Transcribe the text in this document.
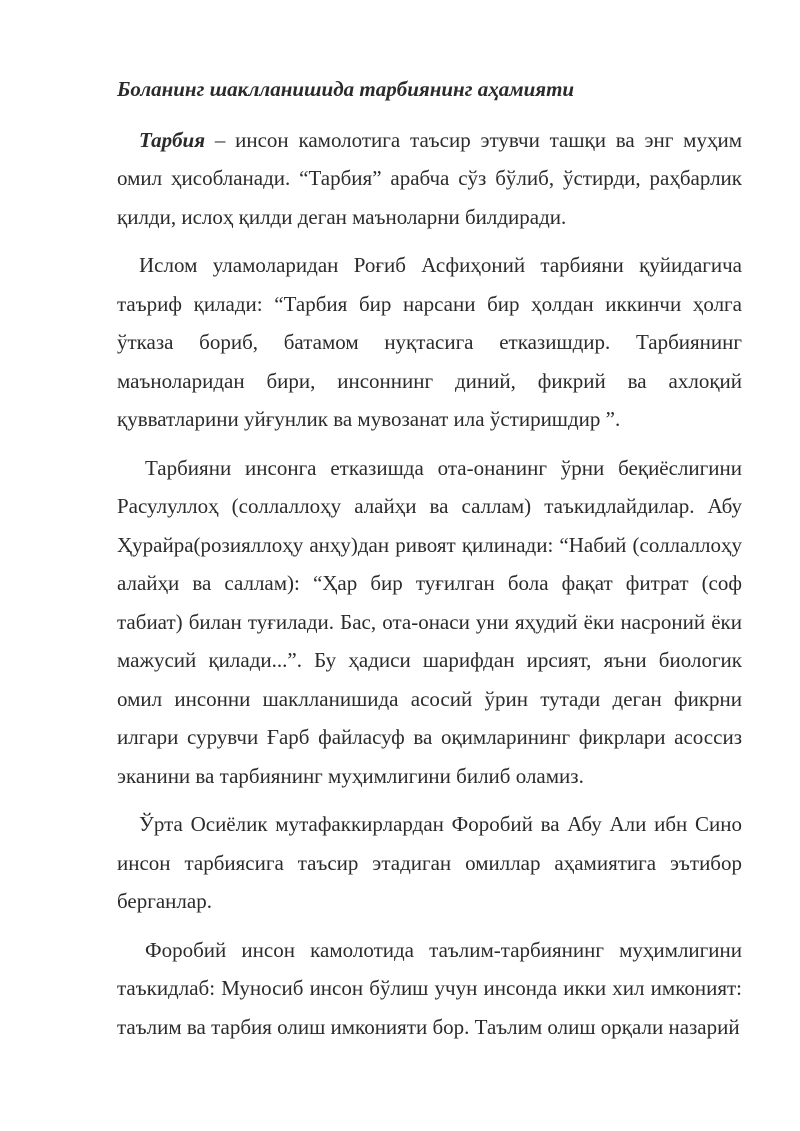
Боланинг шаклланишида тарбиянинг аҳамияти

Тарбия – инсон камолотига таъсир этувчи ташқи ва энг муҳим омил ҳисобланади. “Тарбия” арабча сўз бўлиб, ўстирди, раҳбарлик қилди, ислоҳ қилди деган маъноларни билдиради.

Ислом уламоларидан Роғиб Асфиҳоний тарбияни қуйидагича таъриф қилади: “Тарбия бир нарсани бир ҳолдан иккинчи ҳолга ўтказа бориб, батамом нуқтасига етказишдир. Тарбиянинг маъноларидан бири, инсоннинг диний, фикрий ва ахлоқий қувватларини уйғунлик ва мувозанат ила ўстиришдир ”.

Тарбияни инсонга етказишда ота-онанинг ўрни беқиёслигини Расулуллоҳ (соллаллоҳу алайҳи ва саллам) таъкидлайдилар. Абу Ҳурайра(розияллоҳу анҳу)дан ривоят қилинади: “Набий (соллаллоҳу алайҳи ва саллам): “Ҳар бир туғилган бола фақат фитрат (соф табиат) билан туғилади. Бас, ота-онаси уни яҳудий ёки насроний ёки мажусий қилади...”. Бу ҳадиси шарифдан ирсият, яъни биологик омил инсонни шаклланишида асосий ўрин тутади деган фикрни илгари сурувчи Ғарб файласуф ва оқимларининг фикрлари асоссиз эканини ва тарбиянинг муҳимлигини билиб оламиз.

Ўрта Осиёлик мутафаккирлардан Форобий ва Абу Али ибн Сино инсон тарбиясига таъсир этадиган омиллар аҳамиятига эътибор берганлар.

Форобий инсон камолотида таълим-тарбиянинг муҳимлигини таъкидлаб: Муносиб инсон бўлиш учун инсонда икки хил имконият: таълим ва тарбия олиш имконияти бор. Таълим олиш орқали назарий
